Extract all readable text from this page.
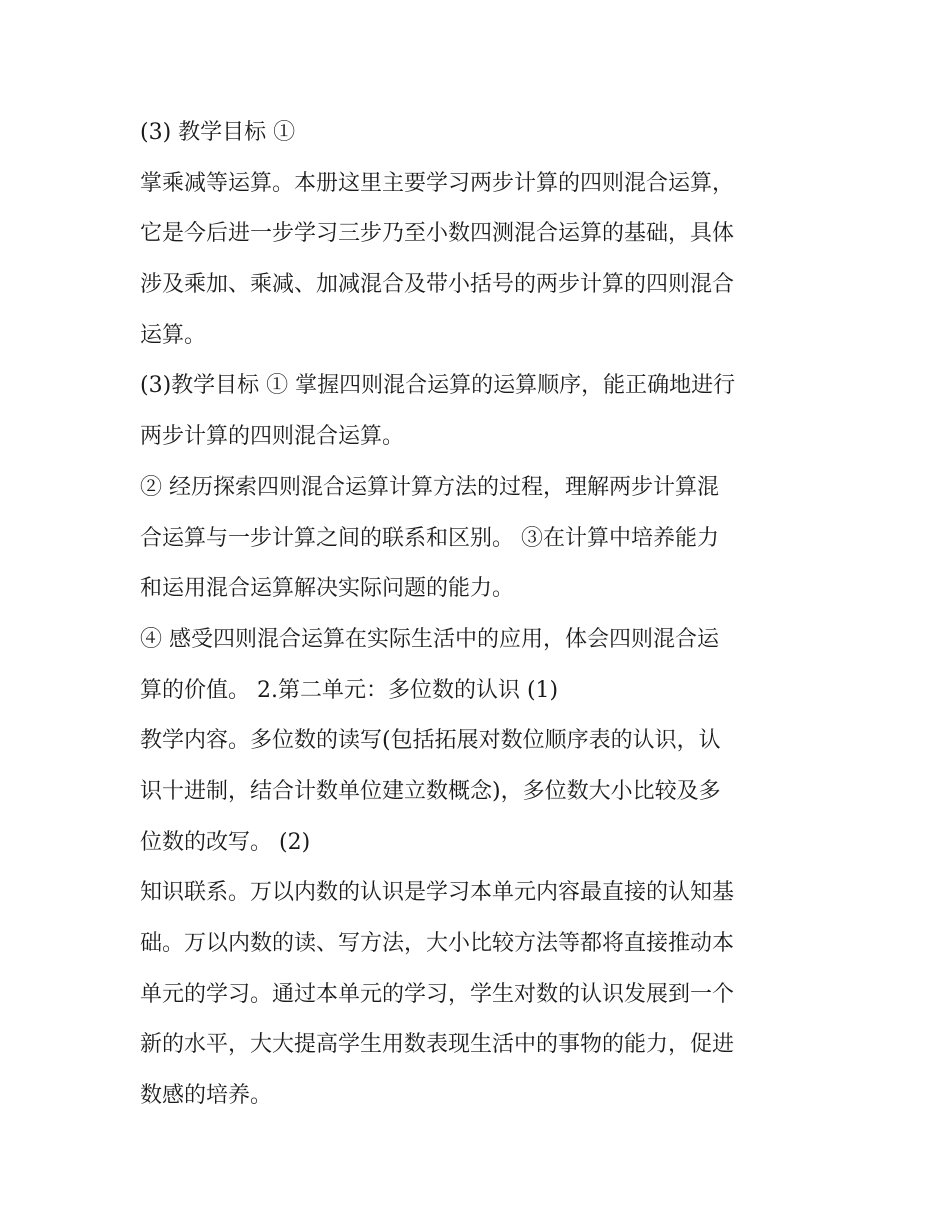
(3) 教学目标 ①
掌乘减等运算。本册这里主要学习两步计算的四则混合运算，
它是今后进一步学习三步乃至小数四测混合运算的基础，具体
涉及乘加、乘减、加减混合及带小括号的两步计算的四则混合
运算。
(3)教学目标 ① 掌握四则混合运算的运算顺序，能正确地进行
两步计算的四则混合运算。
② 经历探索四则混合运算计算方法的过程，理解两步计算混
合运算与一步计算之间的联系和区别。 ③在计算中培养能力
和运用混合运算解决实际问题的能力。
④ 感受四则混合运算在实际生活中的应用，体会四则混合运
算的价值。 2.第二单元：多位数的认识 (1)
教学内容。多位数的读写(包括拓展对数位顺序表的认识，认
识十进制，结合计数单位建立数概念)，多位数大小比较及多
位数的改写。 (2)
知识联系。万以内数的认识是学习本单元内容最直接的认知基
础。万以内数的读、写方法，大小比较方法等都将直接推动本
单元的学习。通过本单元的学习，学生对数的认识发展到一个
新的水平，大大提高学生用数表现生活中的事物的能力，促进
数感的培养。
